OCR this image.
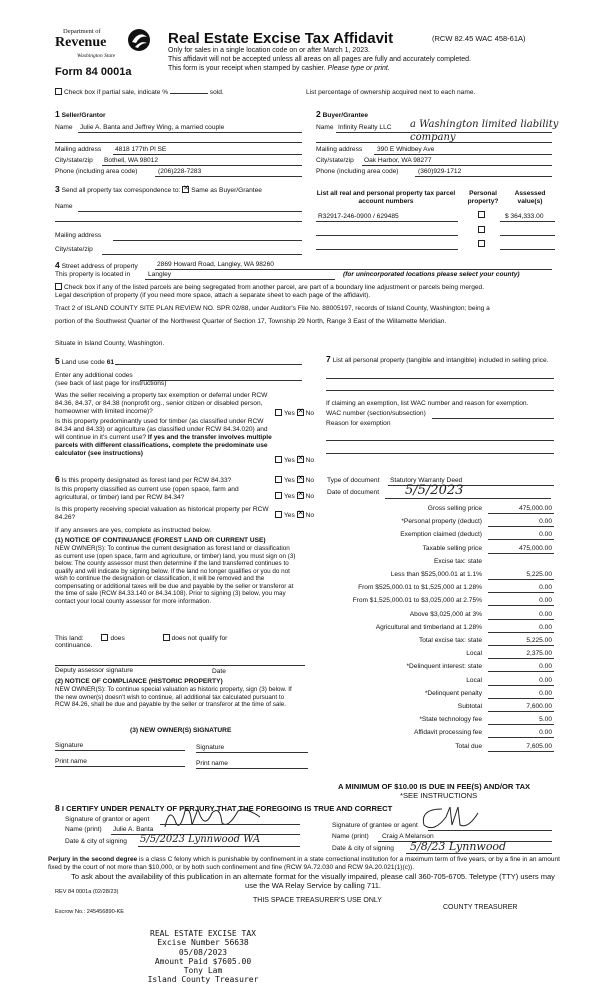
Department of
Revenue
Washington State
Form 84 0001a
Real Estate Excise Tax Affidavit	(RCW 82.45 WAC 458-61A)
Only for sales in a single location code on or after March 1, 2023.
This affidavit will not be accepted unless all areas on all pages are fully and accurately completed.
This form is your receipt when stamped by cashier. Please type or print.
Check box if partial sale, indicate %	sold.	List percentage of ownership acquired next to each name.
1 Seller/Grantor
Name Julie A. Banta and Jeffrey Wing, a married couple
Mailing address 4818 177th Pl SE
City/state/zip Bothell, WA 98012
Phone (including area code)	(206)228-7283
2 Buyer/Grantee
Name Infinity Realty LLC a Washington limited liability company
Mailing address 390 E Whidbey Ave
City/state/zip Oak Harbor, WA 98277
Phone (including area code)	(360)929-1712
3 Send all property tax correspondence to: ✕ Same as Buyer/Grantee
Name
Mailing address
City/state/zip
List all real and personal property tax parcel account numbers
Personal property?
Assessed value(s)
R32917-246-0900 / 629485	$ 364,333.00
4 Street address of property	2869 Howard Road, Langley, WA 98260
This property is located in	Langley	(for unincorporated locations please select your county)
Check box if any of the listed parcels are being segregated from another parcel, are part of a boundary line adjustment or parcels being merged.
Legal description of property (if you need more space, attach a separate sheet to each page of the affidavit).
Tract 2 of ISLAND COUNTY SITE PLAN REVIEW NO. SPR 02/88, under Auditor's File No. 88005197, records of Island County, Washington; being a
portion of the Southwest Quarter of the Northwest Quarter of Section 17, Township 29 North, Range 3 East of the Willamette Meridian.
Situate in Island County, Washington.
5 Land use code 61
Enter any additional codes
(see back of last page for instructions)
Was the seller receiving a property tax exemption or deferral under RCW 84.36, 84.37, or 84.38 (nonprofit org., senior citizen or disabled person, homeowner with limited income)?	Yes ✕ No
Is this property predominantly used for timber (as classified under RCW 84.34 and 84.33) or agriculture (as classified under RCW 84.34.020) and will continue in it's current use? If yes and the transfer involves multiple parcels with different classifications, complete the predominate use calculator (see instructions)
Yes ✕ No
7 List all personal property (tangible and intangible) included in selling price.
If claiming an exemption, list WAC number and reason for exemption.
WAC number (section/subsection)
Reason for exemption
6 Is this property designated as forest land per RCW 84.33?	Yes ✕ No
Is this property classified as current use (open space, farm and agricultural, or timber) land per RCW 84.34?	Yes ✕ No
Is this property receiving special valuation as historical property per RCW 84.26?	Yes ✕ No
If any answers are yes, complete as instructed below.
(1) NOTICE OF CONTINUANCE (FOREST LAND OR CURRENT USE)
NEW OWNER(S): To continue the current designation as forest land or classification as current use (open space, farm and agriculture, or timber) land, you must sign on (3) below. The county assessor must then determine if the land transferred continues to qualify and will indicate by signing below. If the land no longer qualifies or you do not wish to continue the designation or classification, it will be removed and the compensating or additional taxes will be due and payable by the seller or transferor at the time of sale (RCW 84.33.140 or 84.34.108). Prior to signing (3) below, you may contact your local county assessor for more information.
This land:	does	does not qualify for
continuance.
Deputy assessor signature	Date
(2) NOTICE OF COMPLIANCE (HISTORIC PROPERTY)
NEW OWNER(S): To continue special valuation as historic property, sign (3) below. If the new owner(s) doesn't wish to continue, all additional tax calculated pursuant to RCW 84.26, shall be due and payable by the seller or transferor at the time of sale.
(3) NEW OWNER(S) SIGNATURE
Signature	Signature
Print name	Print name
Type of document Statutory Warranty Deed
Date of document 5/5/2023
Gross selling price	475,000.00
*Personal property (deduct)	0.00
Exemption claimed (deduct)	0.00
Taxable selling price	475,000.00
Excise tax: state
Less than $525,000.01 at 1.1%	5,225.00
From $525,000.01 to $1,525,000 at 1.28%	0.00
From $1,525,000.01 to $3,025,000 at 2.75%	0.00
Above $3,025,000 at 3%	0.00
Agricultural and timberland at 1.28%	0.00
Total excise tax: state	5,225.00
Local	2,375.00
*Delinquent interest: state	0.00
Local	0.00
*Delinquent penalty	0.00
Subtotal	7,600.00
*State technology fee	5.00
Affidavit processing fee	0.00
Total due	7,605.00
A MINIMUM OF $10.00 IS DUE IN FEE(S) AND/OR TAX
*SEE INSTRUCTIONS
8 I CERTIFY UNDER PENALTY OF PERJURY THAT THE FOREGOING IS TRUE AND CORRECT
Signature of grantor or agent
Name (print) Julie A. Banta
Date & city of signing 5/5/2023 Lynnwood WA
Signature of grantee or agent
Name (print) Craig A Melanson
Date & city of signing 5/8/23 Lynnwood
Perjury in the second degree is a class C felony which is punishable by confinement in a state correctional institution for a maximum term of five years, or by a fine in an amount fixed by the court of not more than $10,000, or by both such confinement and fine (RCW 9A.72.030 and RCW 9A.20.021(1)(c)).
To ask about the availability of this publication in an alternate format for the visually impaired, please call 360-705-6705. Teletype (TTY) users may use the WA Relay Service by calling 711.
REV 84 0001a (02/28/23)
THIS SPACE TREASURER'S USE ONLY
COUNTY TREASURER
Escrow No.: 245456890-KE
REAL ESTATE EXCISE TAX
Excise Number 56638
05/08/2023
Amount Paid $7605.00
Tony Lam
Island County Treasurer
